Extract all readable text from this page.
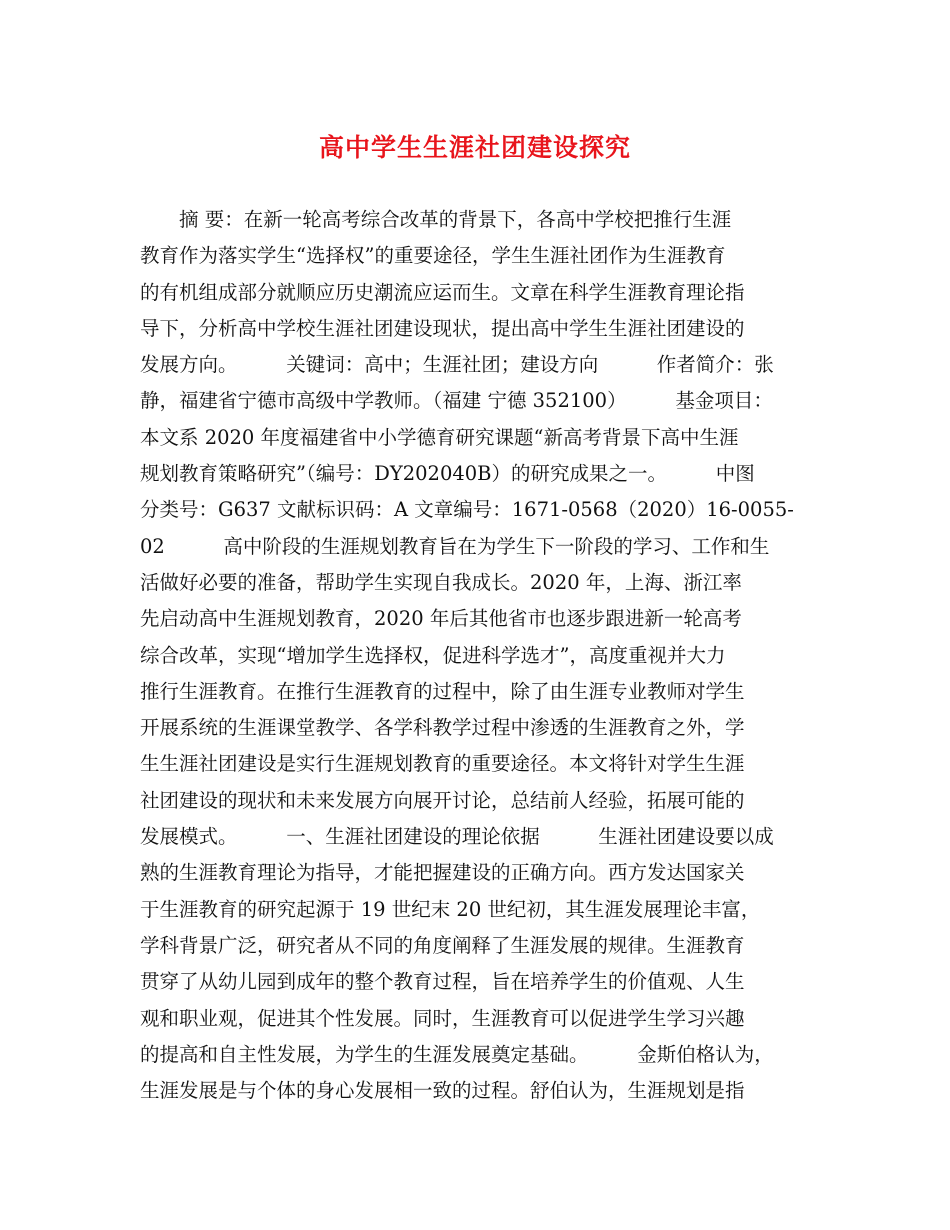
高中学生生涯社团建设探究
　　摘 要：在新一轮高考综合改革的背景下，各高中学校把推行生涯
教育作为落实学生“选择权”的重要途径，学生生涯社团作为生涯教育
的有机组成部分就顺应历史潮流应运而生。文章在科学生涯教育理论指
导下，分析高中学校生涯社团建设现状，提出高中学生生涯社团建设的
发展方向。　　　关键词：高中；生涯社团；建设方向　　　作者简介：张
静，福建省宁德市高级中学教师。（福建 宁德 352100）　　　基金项目：
本文系 2020 年度福建省中小学德育研究课题“新高考背景下高中生涯
规划教育策略研究”（编号：DY202040B）的研究成果之一。　　　中图
分类号：G637 文献标识码：A 文章编号：1671-0568（2020）16-0055-
02　　　高中阶段的生涯规划教育旨在为学生下一阶段的学习、工作和生
活做好必要的准备，帮助学生实现自我成长。2020 年，上海、浙江率
先启动高中生涯规划教育，2020 年后其他省市也逐步跟进新一轮高考
综合改革，实现“增加学生选择权，促进科学选才”，高度重视并大力
推行生涯教育。在推行生涯教育的过程中，除了由生涯专业教师对学生
开展系统的生涯课堂教学、各学科教学过程中渗透的生涯教育之外，学
生生涯社团建设是实行生涯规划教育的重要途径。本文将针对学生生涯
社团建设的现状和未来发展方向展开讨论，总结前人经验，拓展可能的
发展模式。　　　一、生涯社团建设的理论依据　　　生涯社团建设要以成
熟的生涯教育理论为指导，才能把握建设的正确方向。西方发达国家关
于生涯教育的研究起源于 19 世纪末 20 世纪初，其生涯发展理论丰富，
学科背景广泛，研究者从不同的角度阐释了生涯发展的规律。生涯教育
贯穿了从幼儿园到成年的整个教育过程，旨在培养学生的价值观、人生
观和职业观，促进其个性发展。同时，生涯教育可以促进学生学习兴趣
的提高和自主性发展，为学生的生涯发展奠定基础。　　　金斯伯格认为，
生涯发展是与个体的身心发展相一致的过程。舒伯认为，生涯规划是指
